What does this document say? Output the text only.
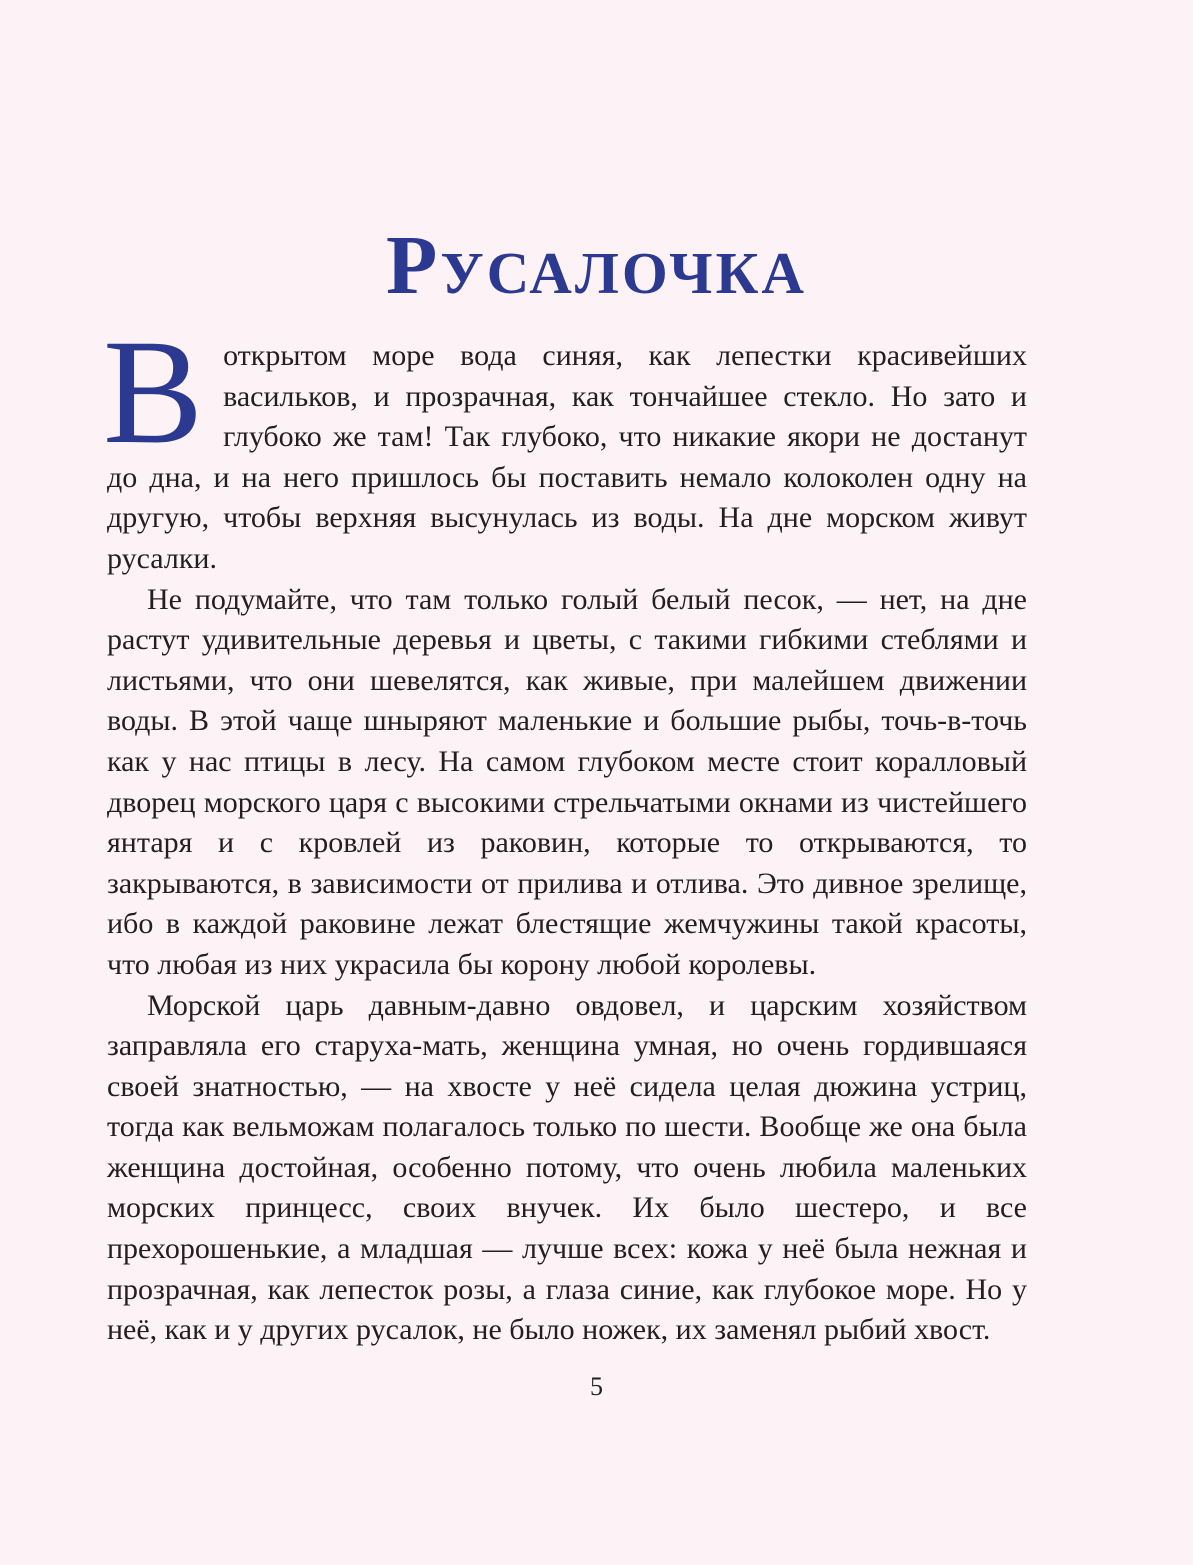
Русалочка

В открытом море вода синяя, как лепестки красивейших васильков, и прозрачная, как тончайшее стекло. Но зато и глубоко же там! Так глубоко, что никакие якори не достанут до дна, и на него пришлось бы поставить немало колоколен одну на другую, чтобы верхняя высунулась из воды. На дне морском живут русалки.

Не подумайте, что там только голый белый песок, — нет, на дне растут удивительные деревья и цветы, с такими гибкими стеблями и листьями, что они шевелятся, как живые, при малейшем движении воды. В этой чаще шныряют маленькие и большие рыбы, точь-в-точь как у нас птицы в лесу. На самом глубоком месте стоит коралловый дворец морского царя с высокими стрельчатыми окнами из чистейшего янтаря и с кровлей из раковин, которые то открываются, то закрываются, в зависимости от прилива и отлива. Это дивное зрелище, ибо в каждой раковине лежат блестящие жемчужины такой красоты, что любая из них украсила бы корону любой королевы.

Морской царь давным-давно овдовел, и царским хозяйством заправляла его старуха-мать, женщина умная, но очень гордившаяся своей знатностью, — на хвосте у неё сидела целая дюжина устриц, тогда как вельможам полагалось только по шести. Вообще же она была женщина достойная, особенно потому, что очень любила маленьких морских принцесс, своих внучек. Их было шестеро, и все прехорошенькие, а младшая — лучше всех: кожа у неё была нежная и прозрачная, как лепесток розы, а глаза синие, как глубокое море. Но у неё, как и у других русалок, не было ножек, их заменял рыбий хвост.

5
